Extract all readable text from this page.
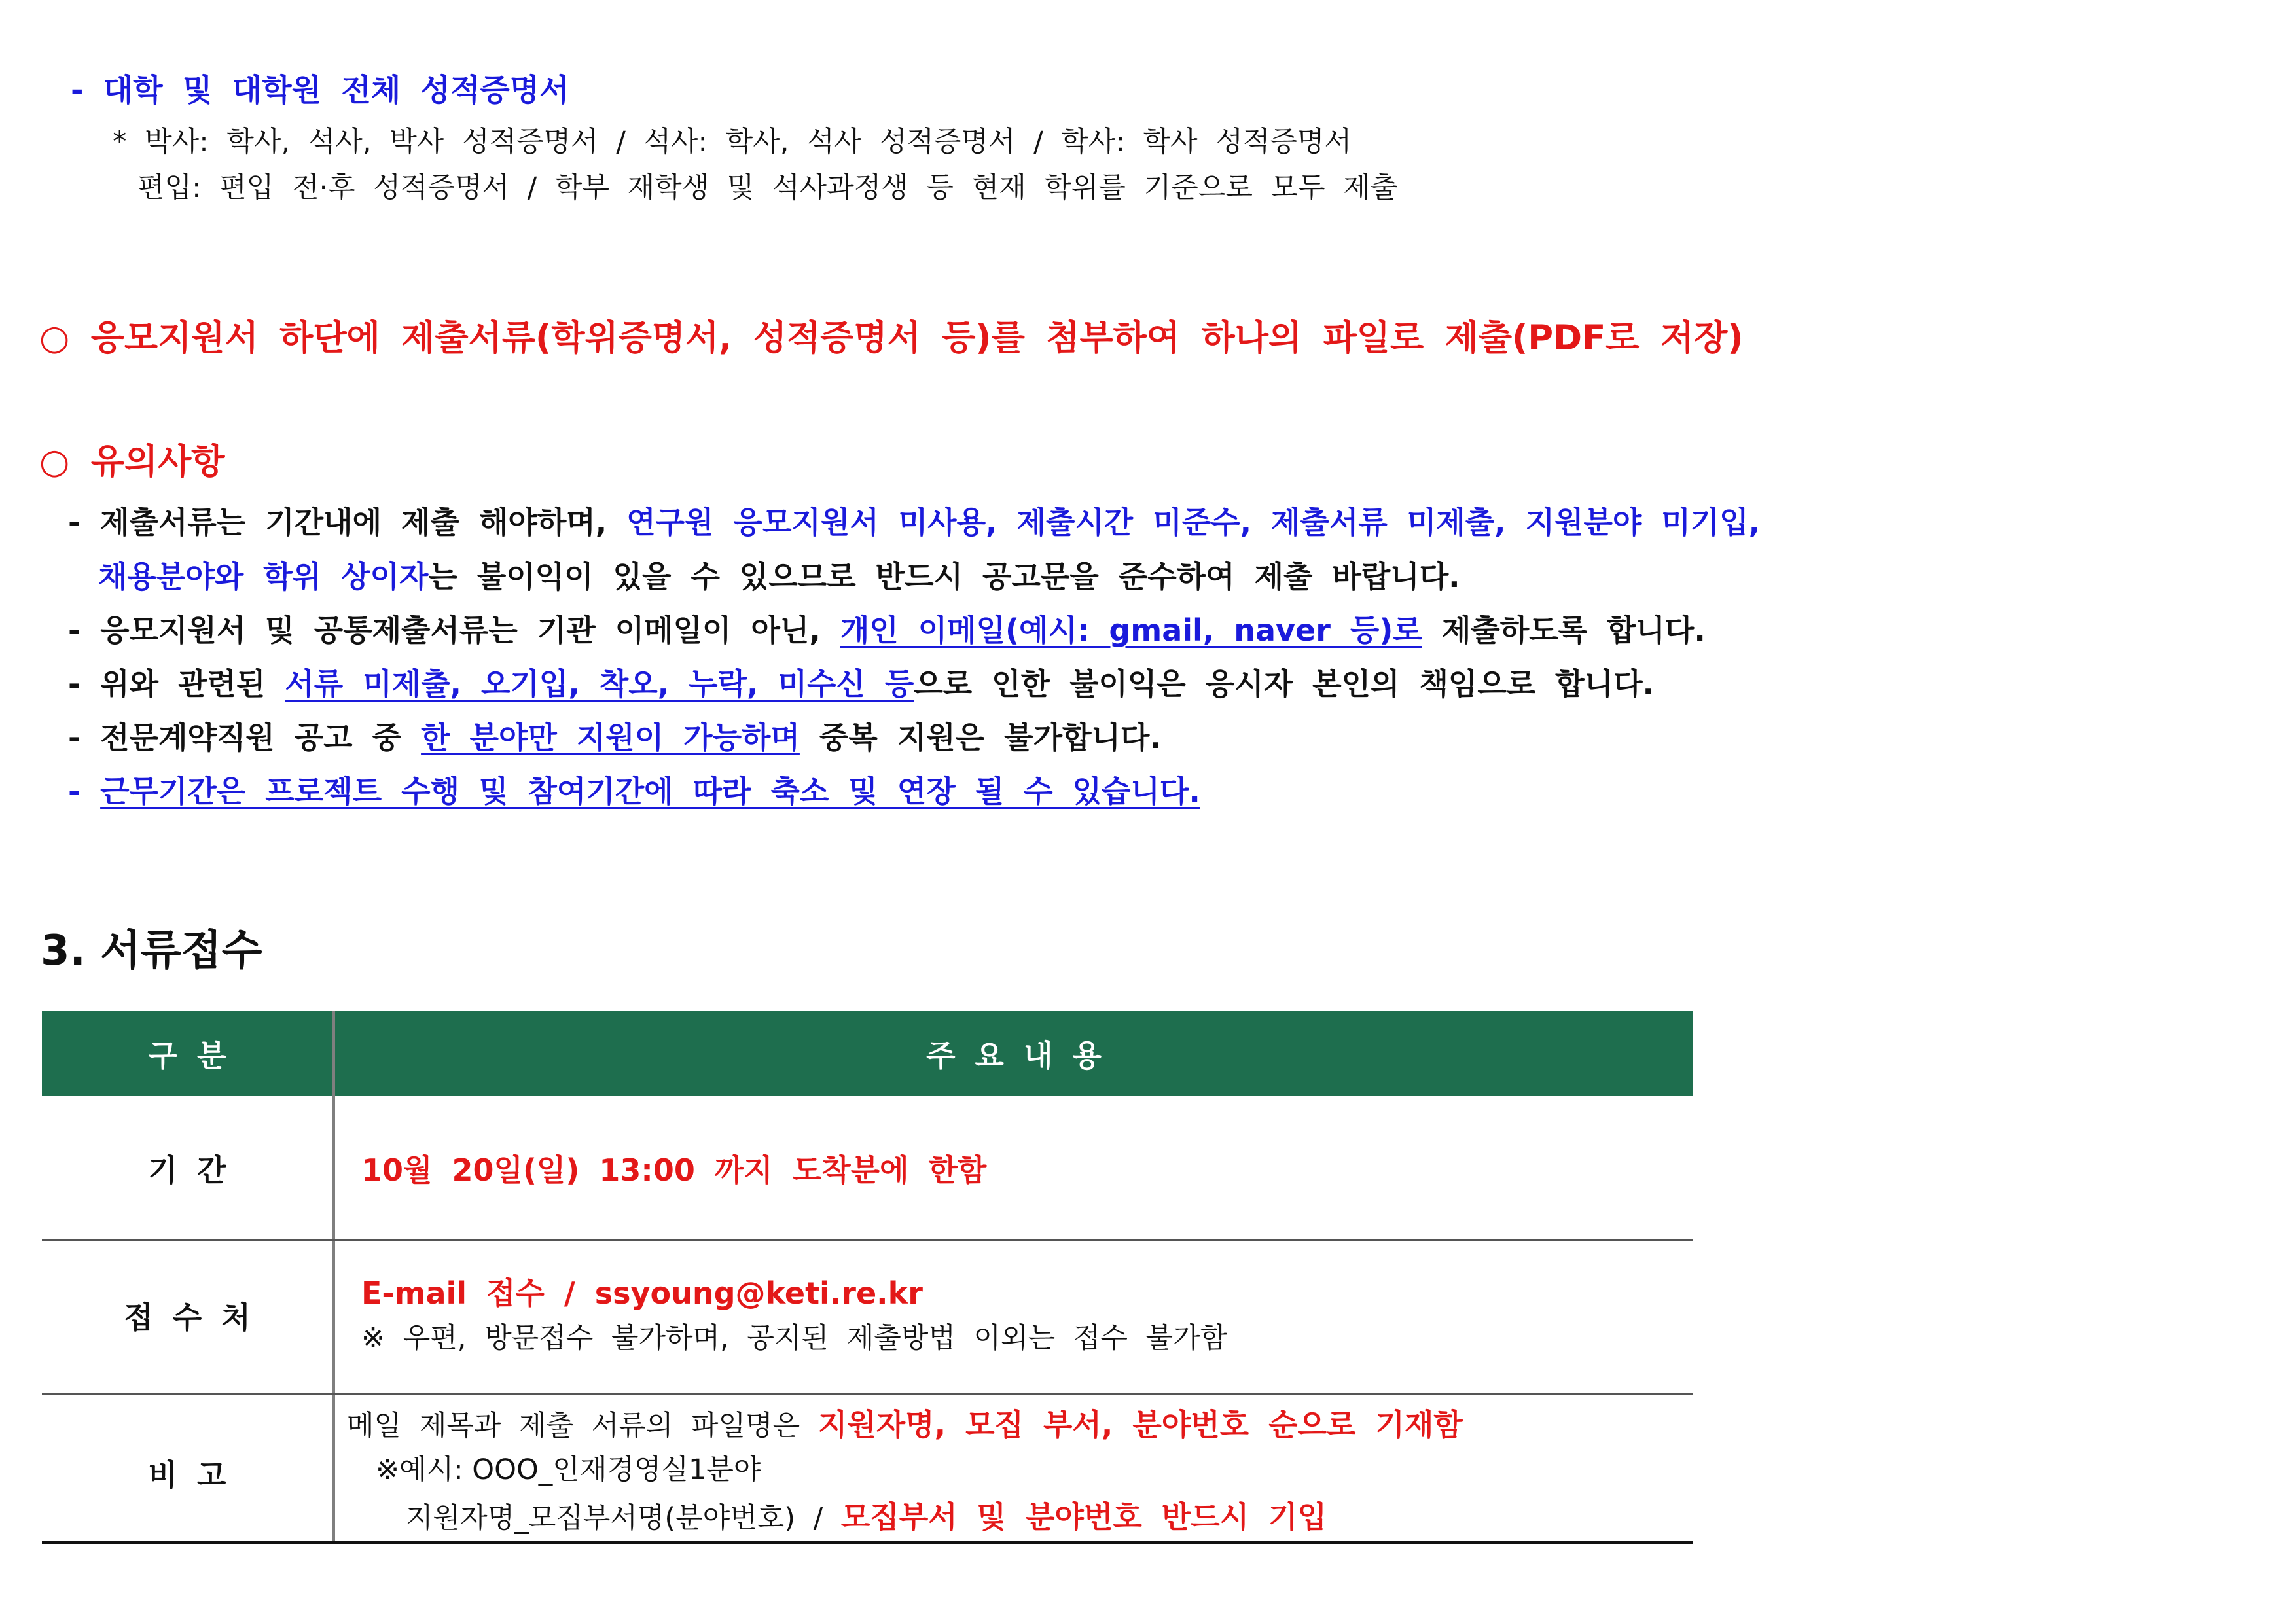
- 대학 및 대학원 전체 성적증명서
* 박사: 학사, 석사, 박사 성적증명서 / 석사: 학사, 석사 성적증명서 / 학사: 학사 성적증명서
편입: 편입 전·후 성적증명서 / 학부 재학생 및 석사과정생 등 현재 학위를 기준으로 모두 제출
○ 응모지원서 하단에 제출서류(학위증명서, 성적증명서 등)를 첨부하여 하나의 파일로 제출(PDF로 저장)
○ 유의사항
- 제출서류는 기간내에 제출 해야하며, 연구원 응모지원서 미사용, 제출시간 미준수, 제출서류 미제출, 지원분야 미기입,
채용분야와 학위 상이자는 불이익이 있을 수 있으므로 반드시 공고문을 준수하여 제출 바랍니다.
- 응모지원서 및 공통제출서류는 기관 이메일이 아닌, 개인 이메일(예시: gmail, naver 등)로 제출하도록 합니다.
- 위와 관련된 서류 미제출, 오기입, 착오, 누락, 미수신 등으로 인한 불이익은 응시자 본인의 책임으로 합니다.
- 전문계약직원 공고 중 한 분야만 지원이 가능하며 중복 지원은 불가합니다.
- 근무기간은 프로젝트 수행 및 참여기간에 따라 축소 및 연장 될 수 있습니다.
3. 서류접수
구 분	주 요 내 용
기 간	10월 20일(일) 13:00 까지 도착분에 한함
접 수 처
E-mail 접수 / ssyoung@keti.re.kr
※ 우편, 방문접수 불가하며, 공지된 제출방법 이외는 접수 불가함
비 고
메일 제목과 제출 서류의 파일명은 지원자명, 모집 부서, 분야번호 순으로 기재함
※예시: OOO_인재경영실1분야
지원자명_모집부서명(분야번호) / 모집부서 및 분야번호 반드시 기입
